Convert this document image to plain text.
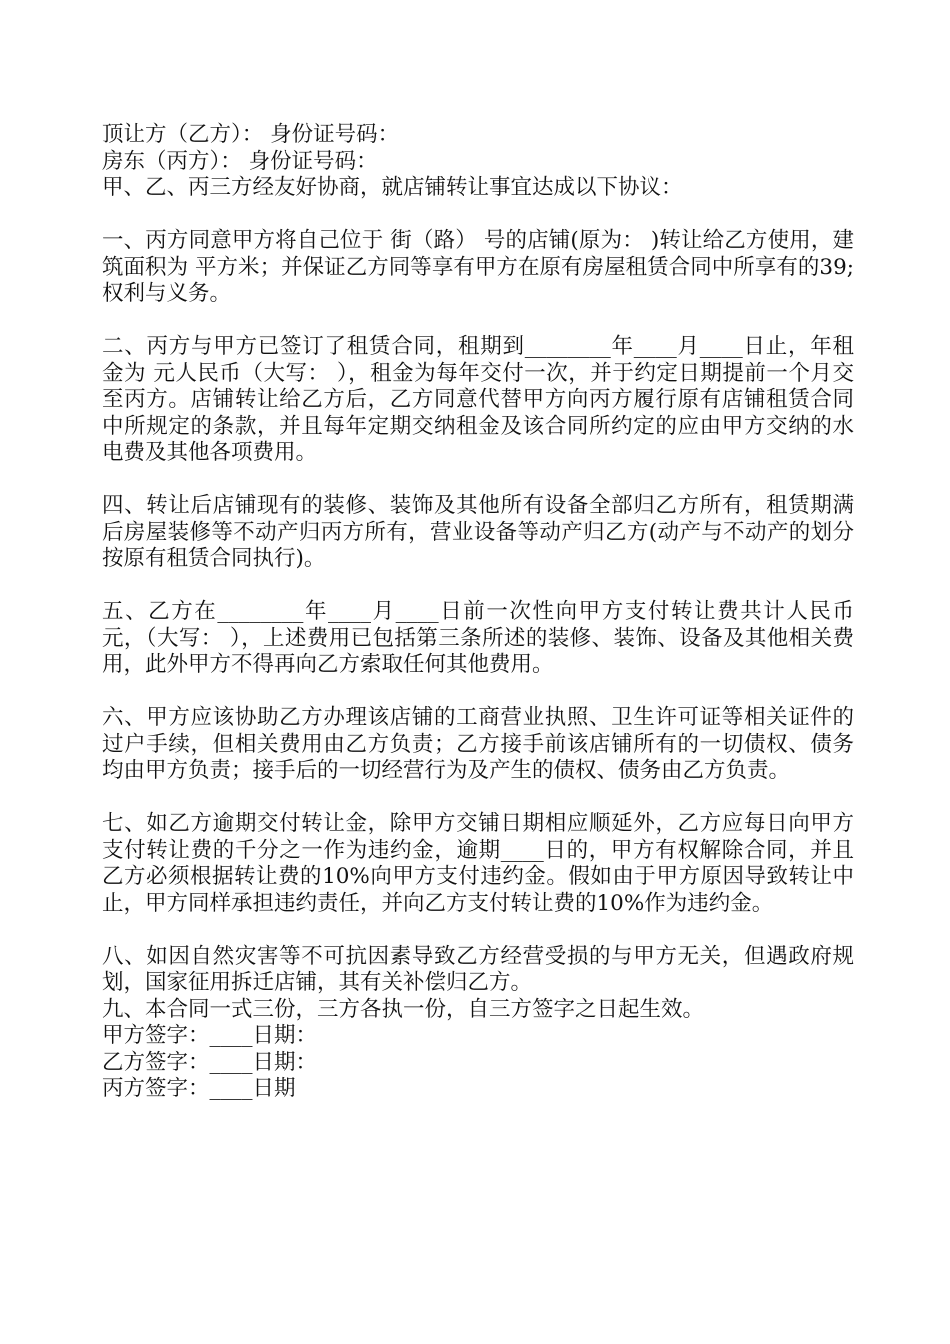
顶让方（乙方）： 身份证号码：

房东（丙方）： 身份证号码：

甲、乙、丙三方经友好协商，就店铺转让事宜达成以下协议：

一、丙方同意甲方将自己位于 街（路） 号的店铺(原为： )转让给乙方使用，建筑面积为 平方米；并保证乙方同等享有甲方在原有房屋租赁合同中所享有的39;权利与义务。

二、丙方与甲方已签订了租赁合同，租期到________年____月____日止，年租金为 元人民币（大写： ），租金为每年交付一次，并于约定日期提前一个月交至丙方。店铺转让给乙方后，乙方同意代替甲方向丙方履行原有店铺租赁合同中所规定的条款，并且每年定期交纳租金及该合同所约定的应由甲方交纳的水电费及其他各项费用。

四、转让后店铺现有的装修、装饰及其他所有设备全部归乙方所有，租赁期满后房屋装修等不动产归丙方所有，营业设备等动产归乙方(动产与不动产的划分按原有租赁合同执行)。

五、乙方在________年____月____日前一次性向甲方支付转让费共计人民币 元，（大写： ），上述费用已包括第三条所述的装修、装饰、设备及其他相关费用，此外甲方不得再向乙方索取任何其他费用。

六、甲方应该协助乙方办理该店铺的工商营业执照、卫生许可证等相关证件的过户手续，但相关费用由乙方负责；乙方接手前该店铺所有的一切债权、债务均由甲方负责；接手后的一切经营行为及产生的债权、债务由乙方负责。

七、如乙方逾期交付转让金，除甲方交铺日期相应顺延外，乙方应每日向甲方支付转让费的千分之一作为违约金，逾期____日的，甲方有权解除合同，并且乙方必须根据转让费的10%向甲方支付违约金。假如由于甲方原因导致转让中止，甲方同样承担违约责任，并向乙方支付转让费的10%作为违约金。

八、如因自然灾害等不可抗因素导致乙方经营受损的与甲方无关，但遇政府规划，国家征用拆迁店铺，其有关补偿归乙方。

九、本合同一式三份，三方各执一份，自三方签字之日起生效。

甲方签字：____日期：

乙方签字：____日期：

丙方签字：____日期
